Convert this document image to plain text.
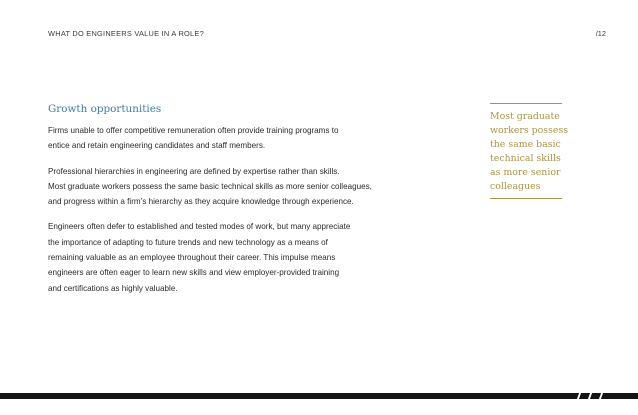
WHAT DO ENGINEERS VALUE IN A ROLE?	/12
Growth opportunities

Firms unable to offer competitive remuneration often provide training programs to
entice and retain engineering candidates and staff members.

Professional hierarchies in engineering are defined by expertise rather than skills.
Most graduate workers possess the same basic technical skills as more senior colleagues,
and progress within a firm’s hierarchy as they acquire knowledge through experience.

Engineers often defer to established and tested modes of work, but many appreciate
the importance of adapting to future trends and new technology as a means of
remaining valuable as an employee throughout their career. This impulse means
engineers are often eager to learn new skills and view employer-provided training
and certifications as highly valuable.

Most graduate
workers possess
the same basic
technical skills
as more senior
colleagues
